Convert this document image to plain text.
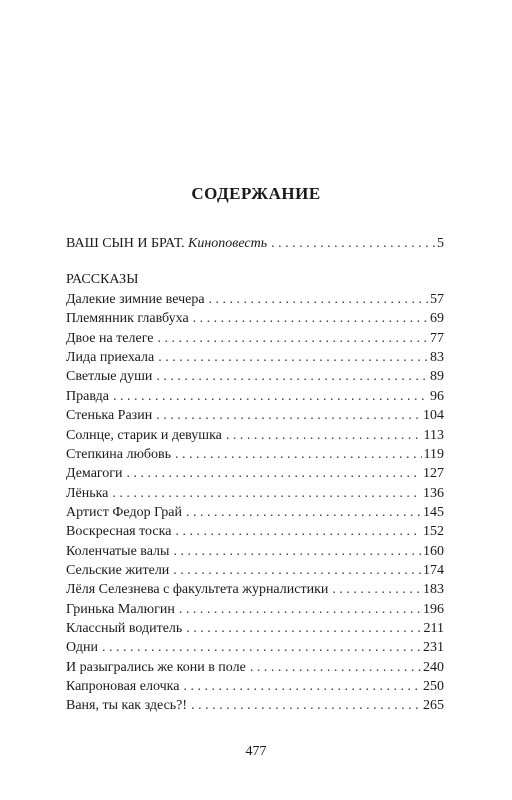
СОДЕРЖАНИЕ
ВАШ СЫН И БРАТ. Киноповесть . . .	5
РАССКАЗЫ
Далекие зимние вечера . . .	57
Племянник главбуха . . .	69
Двое на телеге . . .	77
Лида приехала . . .	83
Светлые души . . .	89
Правда . . .	96
Стенька Разин . . .	104
Солнце, старик и девушка . . .	113
Степкина любовь . . .	119
Демагоги . . .	127
Лёнька . . .	136
Артист Федор Грай . . .	145
Воскресная тоска . . .	152
Коленчатые валы . . .	160
Сельские жители . . .	174
Лёля Селезнева с факультета журналистики . . .	183
Гринька Малюгин . . .	196
Классный водитель . . .	211
Одни . . .	231
И разыгрались же кони в поле . . .	240
Капроновая елочка . . .	250
Ваня, ты как здесь?! . . .	265
477
